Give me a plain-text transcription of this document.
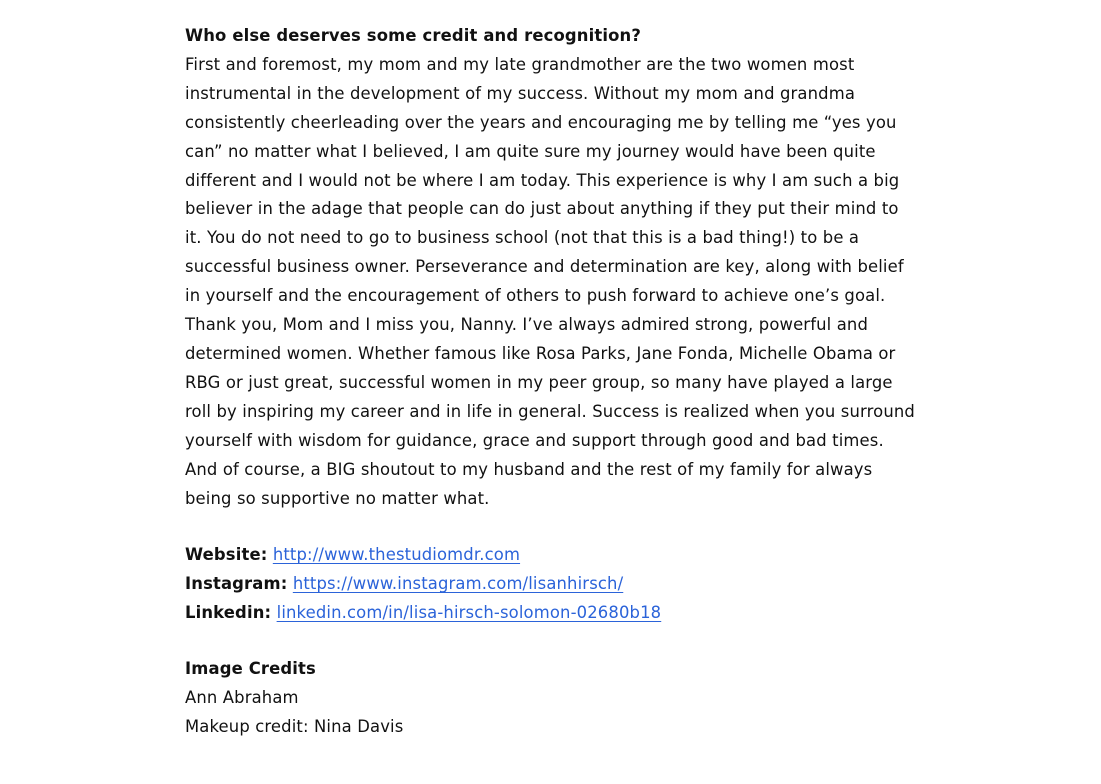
Who else deserves some credit and recognition?

First and foremost, my mom and my late grandmother are the two women most instrumental in the development of my success. Without my mom and grandma consistently cheerleading over the years and encouraging me by telling me “yes you can” no matter what I believed, I am quite sure my journey would have been quite different and I would not be where I am today. This experience is why I am such a big believer in the adage that people can do just about anything if they put their mind to it. You do not need to go to business school (not that this is a bad thing!) to be a successful business owner. Perseverance and determination are key, along with belief in yourself and the encouragement of others to push forward to achieve one’s goal. Thank you, Mom and I miss you, Nanny. I’ve always admired strong, powerful and determined women. Whether famous like Rosa Parks, Jane Fonda, Michelle Obama or RBG or just great, successful women in my peer group, so many have played a large roll by inspiring my career and in life in general. Success is realized when you surround yourself with wisdom for guidance, grace and support through good and bad times. And of course, a BIG shoutout to my husband and the rest of my family for always being so supportive no matter what.

Website: http://www.thestudiomdr.com
Instagram: https://www.instagram.com/lisanhirsch/
Linkedin: linkedin.com/in/lisa-hirsch-solomon-02680b18
Image Credits
Ann Abraham
Makeup credit: Nina Davis
